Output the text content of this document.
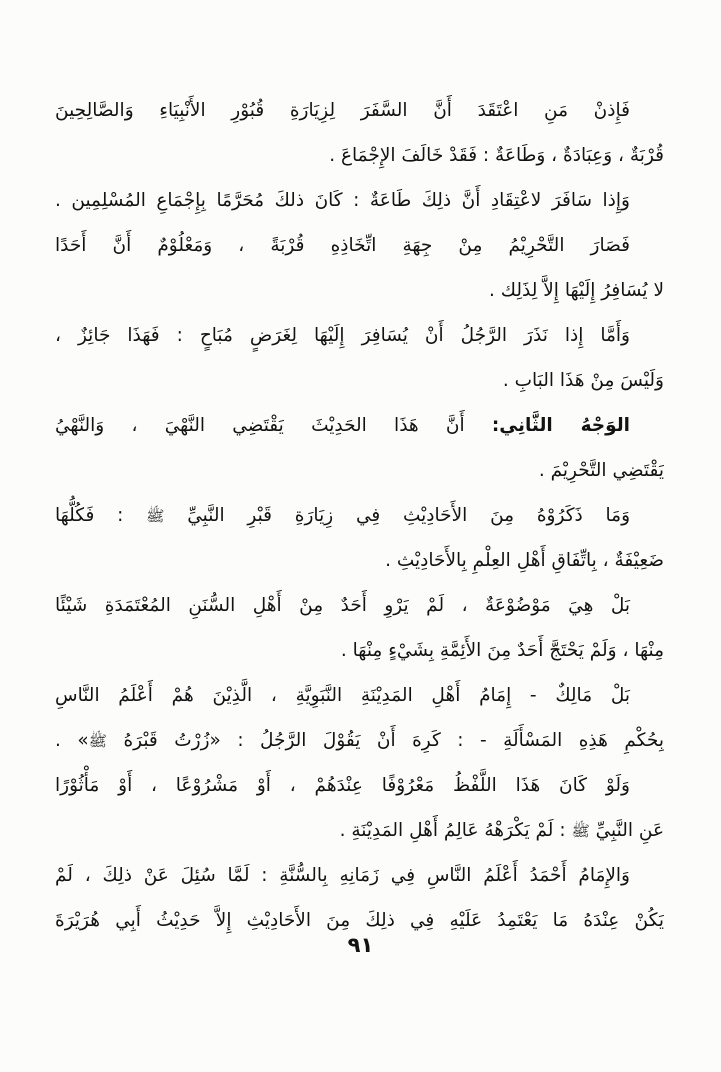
فَإِذنْ مَنِ اعْتَقَدَ أَنَّ السَّفَرَ لِزِيَارَةِ قُبُوْرِ الأَنْبِيَاءِ وَالصَّالِحِينَ
قُرْبَةٌ ، وَعِبَادَةٌ ، وَطَاعَةٌ : فَقَدْ خَالَفَ الإِجْمَاعَ .
وَإِذا سَافَرَ لاعْتِقَادِ أَنَّ ذلِكَ طَاعَةٌ : كَانَ ذلكَ مُحَرَّمًا بِإِجْمَاعِ المُسْلِمِين .
فَصَارَ التَّحْرِيْمُ مِنْ جِهَةِ اتِّخَاذِهِ قُرْبَةً ، وَمَعْلُوْمٌ أَنَّ أَحَدًا
لا يُسَافِرُ إِلَيْهَا إِلاَّ لِذَلِك .
وَأَمَّا إِذا نَذَرَ الرَّجُلُ أَنْ يُسَافِرَ إِلَيْهَا لِغَرَضٍ مُبَاحٍ : فَهَذَا جَائِزٌ ،
وَلَيْسَ مِنْ هَذَا البَابِ .
الوَجْهُ الثَّانِي: أَنَّ هَذَا الحَدِيْثَ يَقْتَضِي النَّهْيَ ، وَالنَّهْيُ
يَقْتَضِي التَّحْرِيْمَ .
وَمَا ذَكَرُوْهُ مِنَ الأَحَادِيْثِ فِي زِيَارَةِ قَبْرِ النَّبِيِّ ﷺ : فَكُلُّهَا
ضَعِيْفَةٌ ، بِاتِّفَاقِ أَهْلِ العِلْمِ بِالأَحَادِيْثِ .
بَلْ هِيَ مَوْضُوْعَةٌ ، لَمْ يَرْوِ أَحَدٌ مِنْ أَهْلِ السُّنَنِ المُعْتَمَدَةِ شَيْئًا
مِنْهَا ، وَلَمْ يَحْتَجَّ أَحَدٌ مِنَ الأَئِمَّةِ بِشَيْءٍ مِنْهَا .
بَلْ مَالِكٌ - إِمَامُ أَهْلِ المَدِيْنَةِ النَّبَوِيَّةِ ، الَّذِيْنَ هُمْ أَعْلَمُ النَّاسِ
بِحُكْمِ هَذِهِ المَسْأَلَةِ - : كَرِهَ أَنْ يَقُوْلَ الرَّجُلُ : «زُرْتُ قَبْرَهُ ﷺ» .
وَلَوْ كَانَ هَذَا اللَّفْظُ مَعْرُوْفًا عِنْدَهُمْ ، أَوْ مَشْرُوْعًا ، أَوْ مَأْثُوْرًا
عَنِ النَّبِيِّ ﷺ : لَمْ يَكْرَهْهُ عَالِمُ أَهْلِ المَدِيْنَةِ .
وَالإِمَامُ أَحْمَدُ أَعْلَمُ النَّاسِ فِي زَمَانِهِ بِالسُّنَّةِ : لَمَّا سُئِلَ عَنْ ذلِكَ ، لَمْ
يَكُنْ عِنْدَهُ مَا يَعْتَمِدُ عَلَيْهِ فِي ذلِكَ مِنَ الأَحَادِيْثِ إِلاَّ حَدِيْثُ أَبِي هُرَيْرَةَ
٩١
